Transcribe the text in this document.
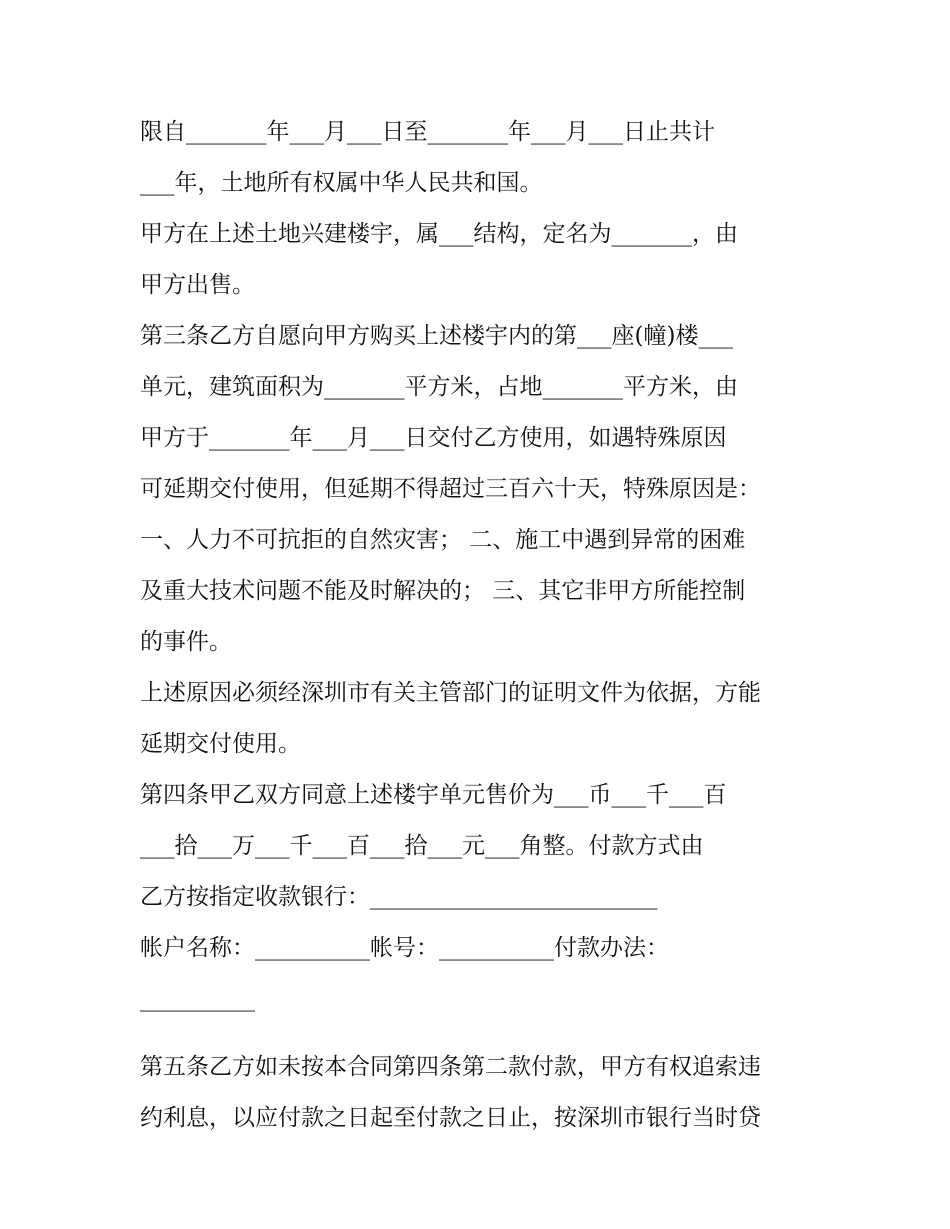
限自_______年___月___日至_______年___月___日止共计

___年，土地所有权属中华人民共和国。

甲方在上述土地兴建楼宇，属___结构，定名为_______，由

甲方出售。

第三条乙方自愿向甲方购买上述楼宇内的第___座(幢)楼___

单元，建筑面积为_______平方米，占地_______平方米，由

甲方于_______年___月___日交付乙方使用，如遇特殊原因

可延期交付使用，但延期不得超过三百六十天，特殊原因是：

一、人力不可抗拒的自然灾害； 二、施工中遇到异常的困难

及重大技术问题不能及时解决的； 三、其它非甲方所能控制

的事件。

上述原因必须经深圳市有关主管部门的证明文件为依据，方能

延期交付使用。

第四条甲乙双方同意上述楼宇单元售价为___币___千___百

___拾___万___千___百___拾___元___角整。付款方式由

乙方按指定收款银行：_________________________

帐户名称：__________帐号：__________付款办法：

__________

第五条乙方如未按本合同第四条第二款付款，甲方有权追索违

约利息，以应付款之日起至付款之日止，按深圳市银行当时贷
